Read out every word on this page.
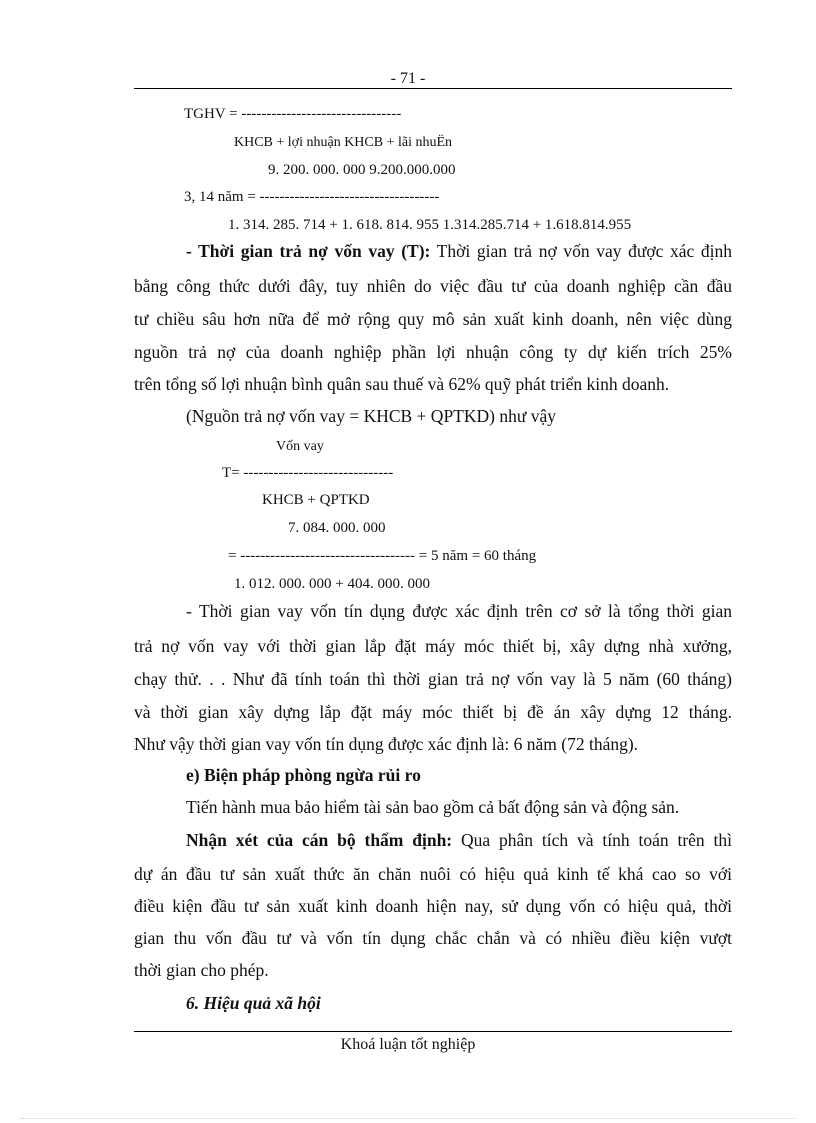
- 71 -
TGHV = --------------------------------
KHCB + lợi nhuận KHCB + lãi nhuËn
9. 200. 000. 000 9.200.000.000
3, 14 năm = ------------------------------------
1. 314. 285. 714 + 1. 618. 814. 955 1.314.285.714 + 1.618.814.955
- Thời gian trả nợ vốn vay (T): Thời gian trả nợ vốn vay được xác định
bằng công thức dưới đây, tuy nhiên do việc đầu tư của doanh nghiệp cần đầu
tư chiều sâu hơn nữa để mở rộng quy mô sản xuất kinh doanh, nên việc dùng
nguồn trả nợ của doanh nghiệp phần lợi nhuận công ty dự kiến trích 25%
trên tổng số lợi nhuận bình quân sau thuế và 62% quỹ phát triển kinh doanh.
(Nguồn trả nợ vốn vay = KHCB + QPTKD) như vậy
Vốn vay
T= ------------------------------
KHCB + QPTKD
7. 084. 000. 000
= ----------------------------------- = 5 năm = 60 tháng
1. 012. 000. 000 + 404. 000. 000
- Thời gian vay vốn tín dụng được xác định trên cơ sở là tổng thời gian
trả nợ vốn vay với thời gian lắp đặt máy móc thiết bị, xây dựng nhà xưởng,
chạy thử. . . Như đã tính toán thì thời gian trả nợ vốn vay là 5 năm (60 tháng)
và thời gian xây dựng lắp đặt máy móc thiết bị đề án xây dựng 12 tháng.
Như vậy thời gian vay vốn tín dụng được xác định là: 6 năm (72 tháng).
e) Biện pháp phòng ngừa rủi ro
Tiến hành mua bảo hiểm tài sản bao gồm cả bất động sản và động sản.
Nhận xét của cán bộ thẩm định: Qua phân tích và tính toán trên thì
dự án đầu tư sản xuất thức ăn chăn nuôi có hiệu quả kinh tế khá cao so với
điều kiện đầu tư sản xuất kinh doanh hiện nay, sử dụng vốn có hiệu quả, thời
gian thu vốn đầu tư và vốn tín dụng chắc chắn và có nhiều điều kiện vượt
thời gian cho phép.
6. Hiệu quả xã hội
Khoá luận tốt nghiệp
